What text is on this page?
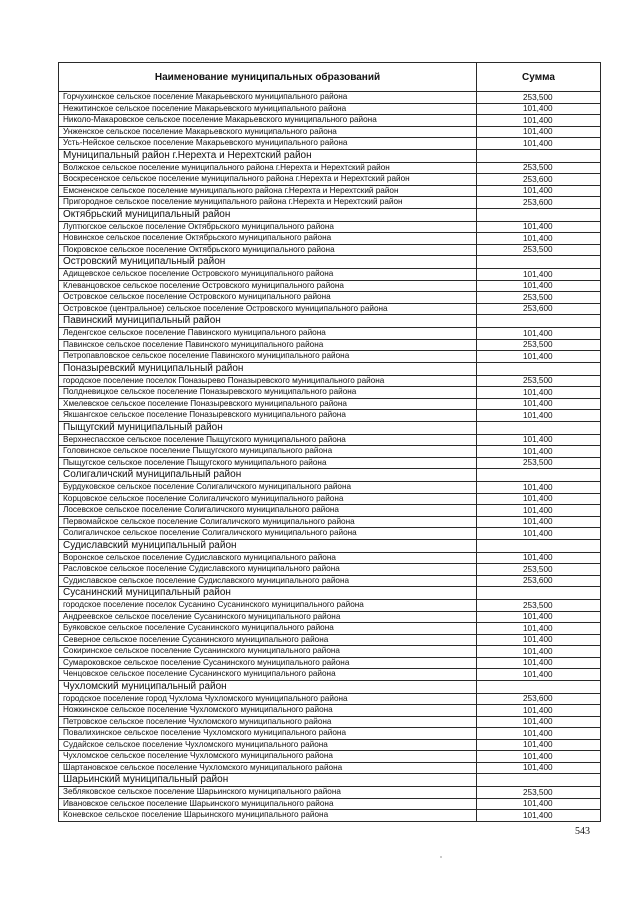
Наименование муниципальных образований	Сумма
Горчухинское сельское поселение Макарьевского муниципального района	253,500
Нежитинское сельское поселение Макарьевского муниципального района	101,400
Николо-Макаровское сельское поселение Макарьевского муниципального района	101,400
Унженское сельское поселение Макарьевского муниципального района	101,400
Усть-Нейское сельское поселение Макарьевского муниципального района	101,400
Муниципальный район г.Нерехта и Нерехтский район	
Волжское сельское поселение муниципального района г.Нерехта и Нерехтский район	253,500
Воскресенское сельское поселение муниципального района г.Нерехта и Нерехтский район	253,600
Емсненское сельское поселение муниципального района г.Нерехта и Нерехтский район	101,400
Пригородное сельское поселение муниципального района г.Нерехта и Нерехтский район	253,600
Октябрьский муниципальный район	
Луптюгское сельское поселение Октябрьского муниципального района	101,400
Новинское сельское поселение Октябрьского муниципального района	101,400
Покровское сельское поселение Октябрьского муниципального района	253,500
Островский муниципальный район	
Адищевское сельское поселение Островского муниципального района	101,400
Клеванцовское сельское поселение Островского муниципального района	101,400
Островское сельское поселение Островского муниципального района	253,500
Островское (центральное) сельское поселение Островского муниципального района	253,600
Павинский муниципальный район	
Леденгское сельское поселение Павинского муниципального района	101,400
Павинское сельское поселение Павинского муниципального района	253,500
Петропавловское сельское поселение Павинского муниципального района	101,400
Поназыревский муниципальный район	
городское поселение поселок Поназырево Поназыревского муниципального района	253,500
Полдневицкое сельское поселение Поназыревского муниципального района	101,400
Хмелевское сельское поселение Поназыревского муниципального района	101,400
Якшангское сельское поселение Поназыревского муниципального района	101,400
Пыщугский муниципальный район	
Верхнеспасское сельское поселение Пыщугского муниципального района	101,400
Головинское сельское поселение Пыщугского муниципального района	101,400
Пыщугское сельское поселение Пыщугского муниципального района	253,500
Солигаличский муниципальный район	
Бурдуковское сельское поселение Солигаличского муниципального района	101,400
Корцовское сельское поселение Солигаличского муниципального района	101,400
Лосевское сельское поселение Солигаличского муниципального района	101,400
Первомайское сельское поселение Солигаличского муниципального района	101,400
Солигаличское сельское поселение Солигаличского муниципального района	101,400
Судиславский муниципальный район	
Воронское сельское поселение Судиславского муниципального района	101,400
Расловское сельское поселение Судиславского муниципального района	253,500
Судиславское сельское поселение Судиславского муниципального района	253,600
Сусанинский муниципальный район	
городское поселение поселок Сусанино Сусанинского муниципального района	253,500
Андреевское сельское поселение Сусанинского муниципального района	101,400
Буяковское сельское поселение Сусанинского муниципального района	101,400
Северное сельское поселение Сусанинского муниципального района	101,400
Сокиринское сельское поселение Сусанинского муниципального района	101,400
Сумароковское сельское поселение Сусанинского муниципального района	101,400
Ченцовское сельское поселение Сусанинского муниципального района	101,400
Чухломский муниципальный район	
городское поселение город Чухлома Чухломского муниципального района	253,600
Ножкинское сельское поселение Чухломского муниципального района	101,400
Петровское сельское поселение Чухломского муниципального района	101,400
Повалихинское сельское поселение Чухломского муниципального района	101,400
Судайское сельское поселение Чухломского муниципального района	101,400
Чухломское сельское поселение Чухломского муниципального района	101,400
Шартановское сельское поселение Чухломского муниципального района	101,400
Шарьинский муниципальный район	
Зебляковское сельское поселение Шарьинского муниципального района	253,500
Ивановское сельское поселение Шарьинского муниципального района	101,400
Коневское сельское поселение Шарьинского муниципального района	101,400
543
